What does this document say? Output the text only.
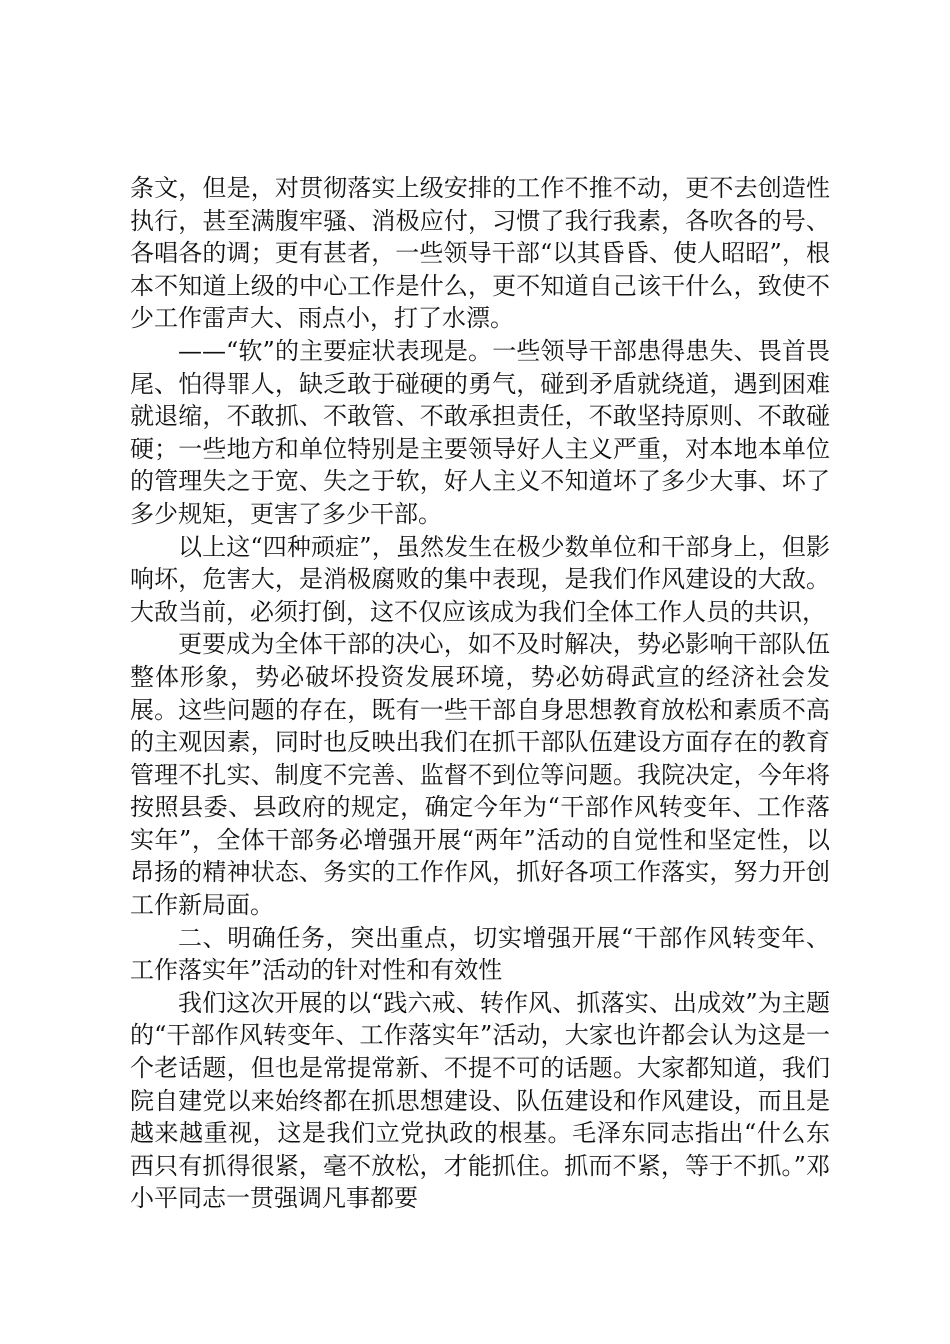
条文，但是，对贯彻落实上级安排的工作不推不动，更不去创造性执行，甚至满腹牢骚、消极应付，习惯了我行我素，各吹各的号、各唱各的调；更有甚者，一些领导干部“以其昏昏、使人昭昭”，根本不知道上级的中心工作是什么，更不知道自己该干什么，致使不少工作雷声大、雨点小，打了水漂。

——“软”的主要症状表现是。一些领导干部患得患失、畏首畏尾、怕得罪人，缺乏敢于碰硬的勇气，碰到矛盾就绕道，遇到困难就退缩，不敢抓、不敢管、不敢承担责任，不敢坚持原则、不敢碰硬；一些地方和单位特别是主要领导好人主义严重，对本地本单位的管理失之于宽、失之于软，好人主义不知道坏了多少大事、坏了多少规矩，更害了多少干部。

以上这“四种顽症”，虽然发生在极少数单位和干部身上，但影响坏，危害大，是消极腐败的集中表现，是我们作风建设的大敌。大敌当前，必须打倒，这不仅应该成为我们全体工作人员的共识，

更要成为全体干部的决心，如不及时解决，势必影响干部队伍整体形象，势必破坏投资发展环境，势必妨碍武宣的经济社会发展。这些问题的存在，既有一些干部自身思想教育放松和素质不高的主观因素，同时也反映出我们在抓干部队伍建设方面存在的教育管理不扎实、制度不完善、监督不到位等问题。我院决定，今年将按照县委、县政府的规定，确定今年为“干部作风转变年、工作落实年”，全体干部务必增强开展“两年”活动的自觉性和坚定性，以昂扬的精神状态、务实的工作作风，抓好各项工作落实，努力开创工作新局面。

二、明确任务，突出重点，切实增强开展“干部作风转变年、工作落实年”活动的针对性和有效性

我们这次开展的以“践六戒、转作风、抓落实、出成效”为主题的“干部作风转变年、工作落实年”活动，大家也许都会认为这是一个老话题，但也是常提常新、不提不可的话题。大家都知道，我们院自建党以来始终都在抓思想建设、队伍建设和作风建设，而且是越来越重视，这是我们立党执政的根基。毛泽东同志指出“什么东西只有抓得很紧，毫不放松，才能抓住。抓而不紧，等于不抓。”邓小平同志一贯强调凡事都要
